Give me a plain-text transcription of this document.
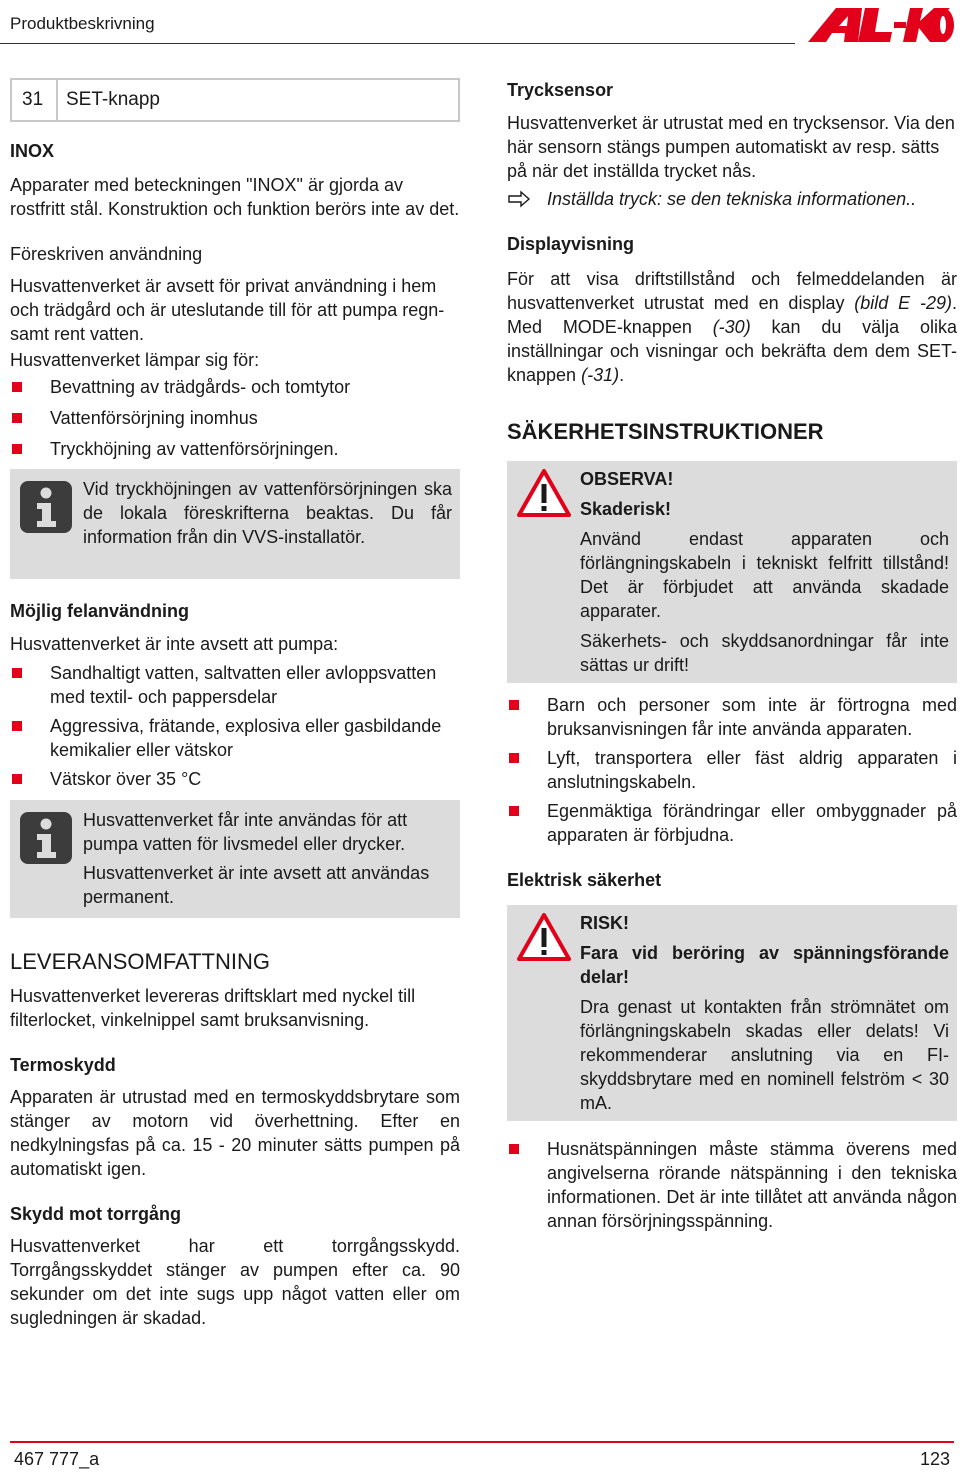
Produktbeskrivning
31	SET-knapp
INOX
Apparater med beteckningen "INOX" är gjorda av rostfritt stål. Konstruktion och funktion berörs inte av det.
Föreskriven användning
Husvattenverket är avsett för privat användning i hem och trädgård och är uteslutande till för att pumpa regn- samt rent vatten.
Husvattenverket lämpar sig för:
Bevattning av trädgårds- och tomtytor
Vattenförsörjning inomhus
Tryckhöjning av vattenförsörjningen.
Vid tryckhöjningen av vattenförsörjningen ska de lokala föreskrifterna beaktas. Du får information från din VVS-installatör.
Möjlig felanvändning
Husvattenverket är inte avsett att pumpa:
Sandhaltigt vatten, saltvatten eller avloppsvatten med textil- och pappersdelar
Aggressiva, frätande, explosiva eller gasbildande kemikalier eller vätskor
Vätskor över 35 °C
Husvattenverket får inte användas för att pumpa vatten för livsmedel eller drycker.
Husvattenverket är inte avsett att användas permanent.
LEVERANSOMFATTNING
Husvattenverket levereras driftsklart med nyckel till filterlocket, vinkelnippel samt bruksanvisning.
Termoskydd
Apparaten är utrustad med en termoskyddsbrytare som stänger av motorn vid överhettning. Efter en nedkylningsfas på ca. 15 - 20 minuter sätts pumpen på automatiskt igen.
Skydd mot torrgång
Husvattenverket har ett torrgångsskydd. Torrgångsskyddet stänger av pumpen efter ca. 90 sekunder om det inte sugs upp något vatten eller om sugledningen är skadad.
Trycksensor
Husvattenverket är utrustat med en trycksensor. Via den här sensorn stängs pumpen automatiskt av resp. sätts på när det inställda trycket nås.
Inställda tryck: se den tekniska informationen..
Displayvisning
För att visa driftstillstånd och felmeddelanden är husvattenverket utrustat med en display (bild E -29). Med MODE-knappen (-30) kan du välja olika inställningar och visningar och bekräfta dem dem SET-knappen (-31).
SÄKERHETSINSTRUKTIONER
OBSERVA!
Skaderisk!
Använd endast apparaten och förlängningskabeln i tekniskt felfritt tillstånd! Det är förbjudet att använda skadade apparater.
Säkerhets- och skyddsanordningar får inte sättas ur drift!
Barn och personer som inte är förtrogna med bruksanvisningen får inte använda apparaten.
Lyft, transportera eller fäst aldrig apparaten i anslutningskabeln.
Egenmäktiga förändringar eller ombyggnader på apparaten är förbjudna.
Elektrisk säkerhet
RISK!
Fara vid beröring av spänningsförande delar!
Dra genast ut kontakten från strömnätet om förlängningskabeln skadas eller delats! Vi rekommenderar anslutning via en FI-skyddsbrytare med en nominell felström < 30 mA.
Husnätspänningen måste stämma överens med angivelserna rörande nätspänning i den tekniska informationen. Det är inte tillåtet att använda någon annan försörjningsspänning.
467 777_a	123
